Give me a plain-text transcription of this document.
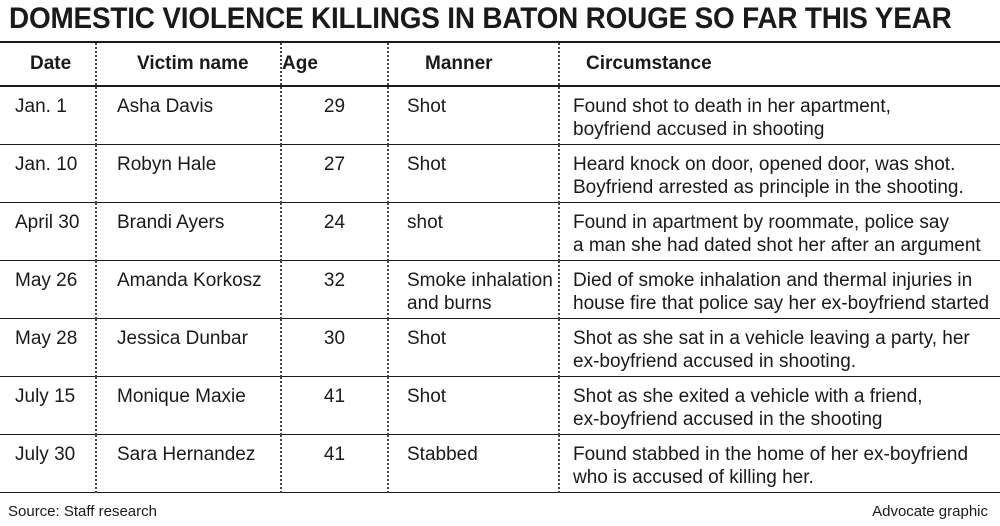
DOMESTIC VIOLENCE KILLINGS IN BATON ROUGE SO FAR THIS YEAR
Date	Victim name	Age	Manner	Circumstance

Jan. 1	Asha Davis	29	Shot	Found shot to death in her apartment,
boyfriend accused in shooting

Jan. 10	Robyn Hale	27	Shot	Heard knock on door, opened door, was shot.
Boyfriend arrested as principle in the shooting.

April 30	Brandi Ayers	24	shot	Found in apartment by roommate, police say
a man she had dated shot her after an argument

May 26	Amanda Korkosz	32	Smoke inhalation
and burns	Died of smoke inhalation and thermal injuries in
house fire that police say her ex-boyfriend started

May 28	Jessica Dunbar	30	Shot	Shot as she sat in a vehicle leaving a party, her
ex-boyfriend accused in shooting.

July 15	Monique Maxie	41	Shot	Shot as she exited a vehicle with a friend,
ex-boyfriend accused in the shooting

July 30	Sara Hernandez	41	Stabbed	Found stabbed in the home of her ex-boyfriend
who is accused of killing her.
Source: Staff research	Advocate graphic
